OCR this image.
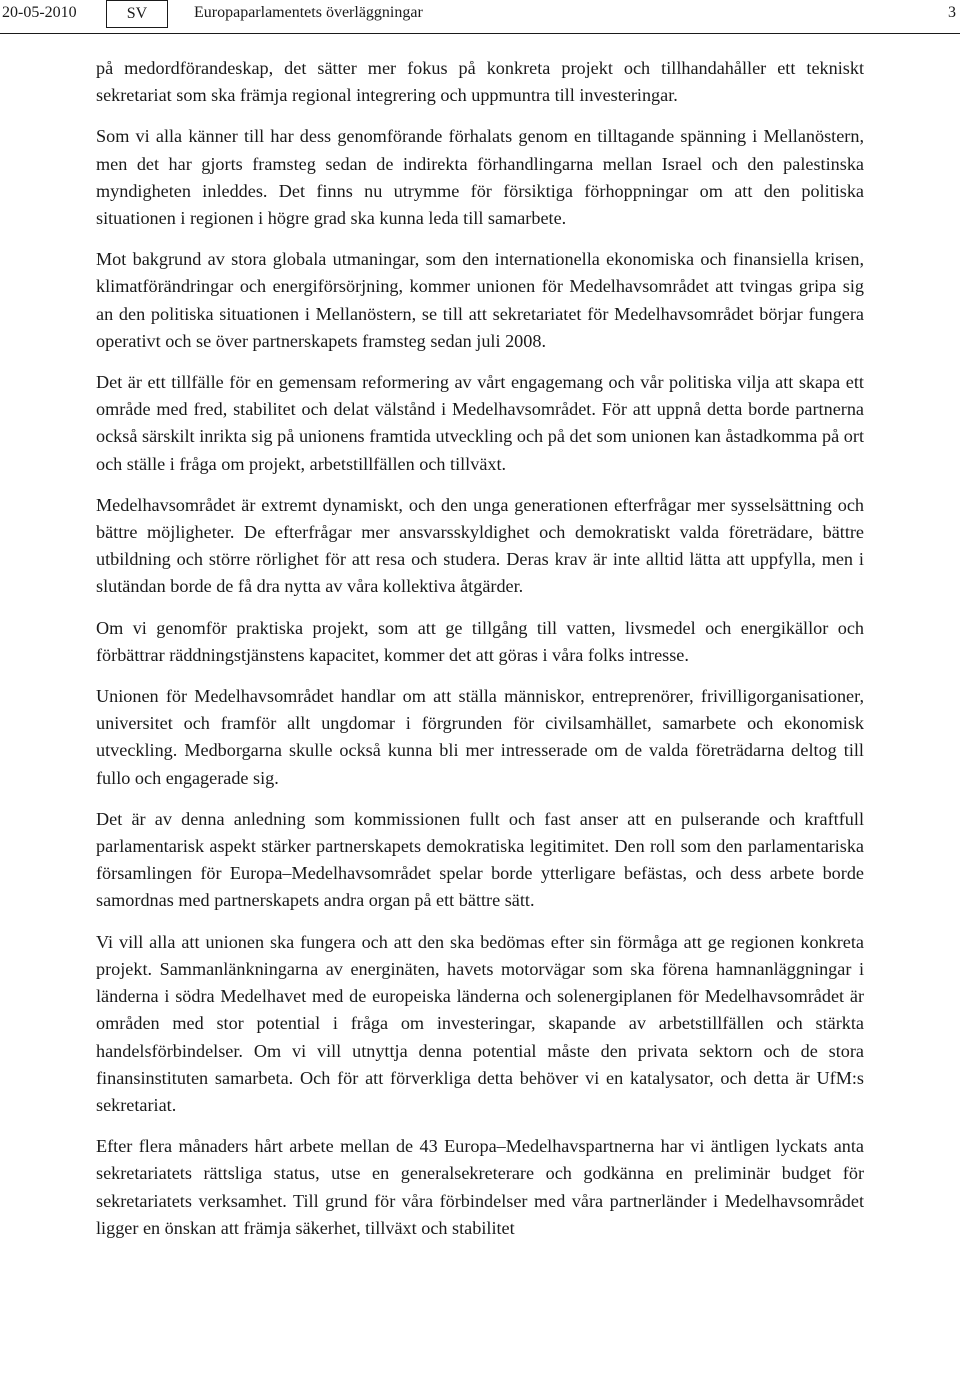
20-05-2010	SV	Europaparlamentets överläggningar	3

på medordförandeskap, det sätter mer fokus på konkreta projekt och tillhandahåller ett tekniskt sekretariat som ska främja regional integrering och uppmuntra till investeringar.

Som vi alla känner till har dess genomförande förhalats genom en tilltagande spänning i Mellanöstern, men det har gjorts framsteg sedan de indirekta förhandlingarna mellan Israel och den palestinska myndigheten inleddes. Det finns nu utrymme för försiktiga förhoppningar om att den politiska situationen i regionen i högre grad ska kunna leda till samarbete.

Mot bakgrund av stora globala utmaningar, som den internationella ekonomiska och finansiella krisen, klimatförändringar och energiförsörjning, kommer unionen för Medelhavsområdet att tvingas gripa sig an den politiska situationen i Mellanöstern, se till att sekretariatet för Medelhavsområdet börjar fungera operativt och se över partnerskapets framsteg sedan juli 2008.

Det är ett tillfälle för en gemensam reformering av vårt engagemang och vår politiska vilja att skapa ett område med fred, stabilitet och delat välstånd i Medelhavsområdet. För att uppnå detta borde partnerna också särskilt inrikta sig på unionens framtida utveckling och på det som unionen kan åstadkomma på ort och ställe i fråga om projekt, arbetstillfällen och tillväxt.

Medelhavsområdet är extremt dynamiskt, och den unga generationen efterfrågar mer sysselsättning och bättre möjligheter. De efterfrågar mer ansvarsskyldighet och demokratiskt valda företrädare, bättre utbildning och större rörlighet för att resa och studera. Deras krav är inte alltid lätta att uppfylla, men i slutändan borde de få dra nytta av våra kollektiva åtgärder.

Om vi genomför praktiska projekt, som att ge tillgång till vatten, livsmedel och energikällor och förbättrar räddningstjänstens kapacitet, kommer det att göras i våra folks intresse.

Unionen för Medelhavsområdet handlar om att ställa människor, entreprenörer, frivilligorganisationer, universitet och framför allt ungdomar i förgrunden för civilsamhället, samarbete och ekonomisk utveckling. Medborgarna skulle också kunna bli mer intresserade om de valda företrädarna deltog till fullo och engagerade sig.

Det är av denna anledning som kommissionen fullt och fast anser att en pulserande och kraftfull parlamentarisk aspekt stärker partnerskapets demokratiska legitimitet. Den roll som den parlamentariska församlingen för Europa–Medelhavsområdet spelar borde ytterligare befästas, och dess arbete borde samordnas med partnerskapets andra organ på ett bättre sätt.

Vi vill alla att unionen ska fungera och att den ska bedömas efter sin förmåga att ge regionen konkreta projekt. Sammanlänkningarna av energinäten, havets motorvägar som ska förena hamnanläggningar i länderna i södra Medelhavet med de europeiska länderna och solenergiplanen för Medelhavsområdet är områden med stor potential i fråga om investeringar, skapande av arbetstillfällen och stärkta handelsförbindelser. Om vi vill utnyttja denna potential måste den privata sektorn och de stora finansinstituten samarbeta. Och för att förverkliga detta behöver vi en katalysator, och detta är UfM:s sekretariat.

Efter flera månaders hårt arbete mellan de 43 Europa–Medelhavspartnerna har vi äntligen lyckats anta sekretariatets rättsliga status, utse en generalsekreterare och godkänna en preliminär budget för sekretariatets verksamhet. Till grund för våra förbindelser med våra partnerländer i Medelhavsområdet ligger en önskan att främja säkerhet, tillväxt och stabilitet
